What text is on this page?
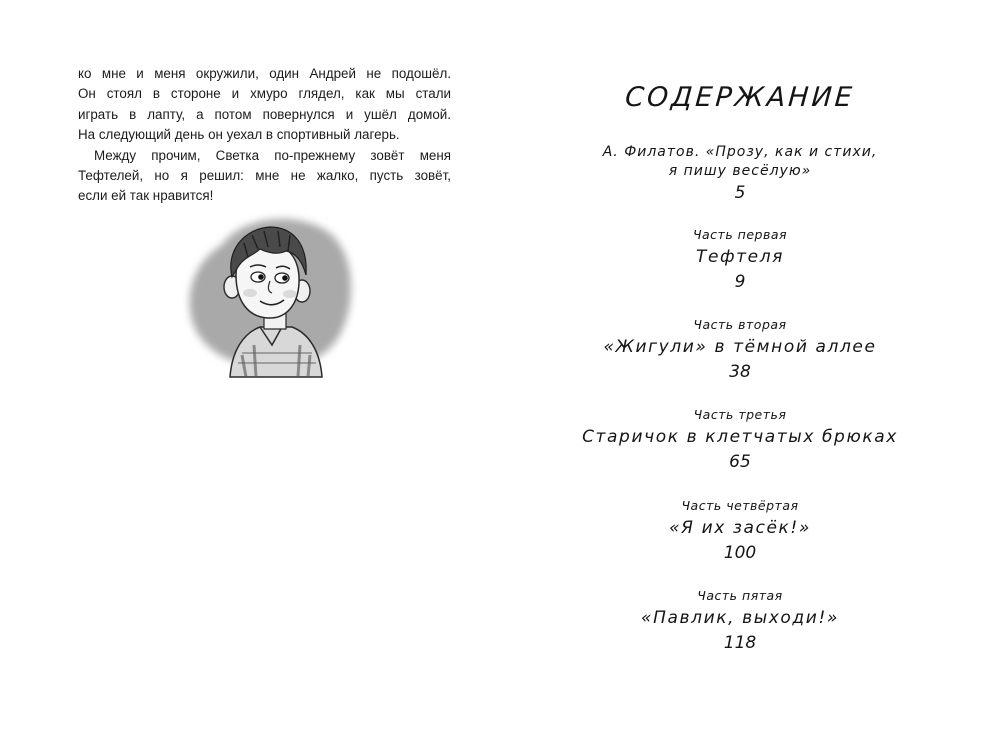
ко мне и меня окружили, один Андрей не подошёл.

Он стоял в стороне и хмуро глядел, как мы стали

играть в лапту, а потом повернулся и ушёл домой.

На следующий день он уехал в спортивный лагерь.

Между прочим, Светка по-прежнему зовёт меня

Тефтелей, но я решил: мне не жалко, пусть зовёт,

если ей так нравится!

СОДЕРЖАНИЕ
А. Филатов. «Прозу, как и стихи,
я пишу весёлую»
5
Часть первая
Тефтеля
9
Часть вторая
«Жигули» в тёмной аллее
38
Часть третья
Старичок в клетчатых брюках
65
Часть четвёртая
«Я их засёк!»
100
Часть пятая
«Павлик, выходи!»
118
